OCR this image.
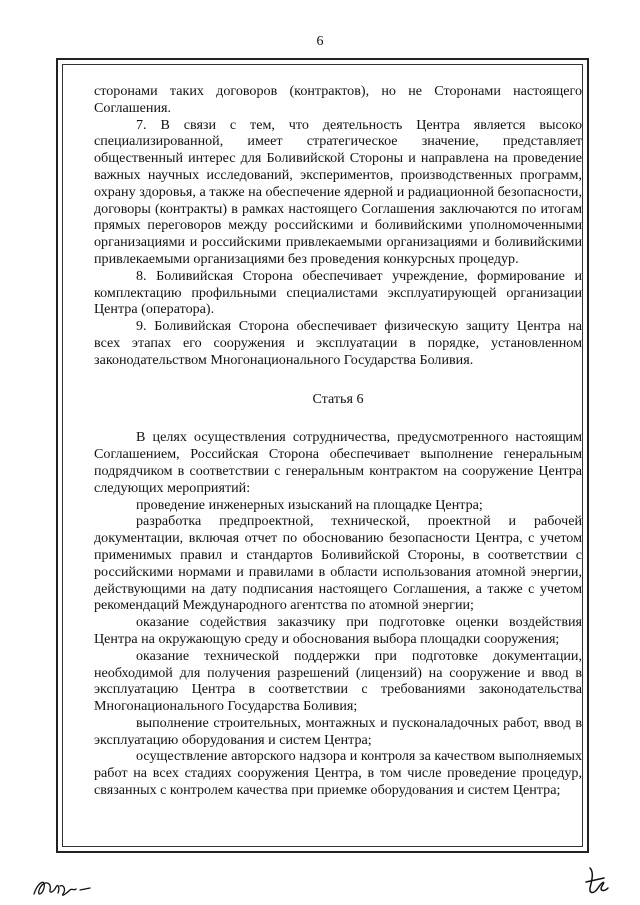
6

сторонами таких договоров (контрактов), но не Сторонами настоящего Соглашения.

7. В связи с тем, что деятельность Центра является высоко специализированной, имеет стратегическое значение, представляет общественный интерес для Боливийской Стороны и направлена на проведение важных научных исследований, экспериментов, производственных программ, охрану здоровья, а также на обеспечение ядерной и радиационной безопасности, договоры (контракты) в рамках настоящего Соглашения заключаются по итогам прямых переговоров между российскими и боливийскими уполномоченными организациями и российскими привлекаемыми организациями и боливийскими привлекаемыми организациями без проведения конкурсных процедур.

8. Боливийская Сторона обеспечивает учреждение, формирование и комплектацию профильными специалистами эксплуатирующей организации Центра (оператора).

9. Боливийская Сторона обеспечивает физическую защиту Центра на всех этапах его сооружения и эксплуатации в порядке, установленном законодательством Многонационального Государства Боливия.

Статья 6

В целях осуществления сотрудничества, предусмотренного настоящим Соглашением, Российская Сторона обеспечивает выполнение генеральным подрядчиком в соответствии с генеральным контрактом на сооружение Центра следующих мероприятий:

проведение инженерных изысканий на площадке Центра;

разработка предпроектной, технической, проектной и рабочей документации, включая отчет по обоснованию безопасности Центра, с учетом применимых правил и стандартов Боливийской Стороны, в соответствии с российскими нормами и правилами в области использования атомной энергии, действующими на дату подписания настоящего Соглашения, а также с учетом рекомендаций Международного агентства по атомной энергии;

оказание содействия заказчику при подготовке оценки воздействия Центра на окружающую среду и обоснования выбора площадки сооружения;

оказание технической поддержки при подготовке документации, необходимой для получения разрешений (лицензий) на сооружение и ввод в эксплуатацию Центра в соответствии с требованиями законодательства Многонационального Государства Боливия;

выполнение строительных, монтажных и пусконаладочных работ, ввод в эксплуатацию оборудования и систем Центра;

осуществление авторского надзора и контроля за качеством выполняемых работ на всех стадиях сооружения Центра, в том числе проведение процедур, связанных с контролем качества при приемке оборудования и систем Центра;
